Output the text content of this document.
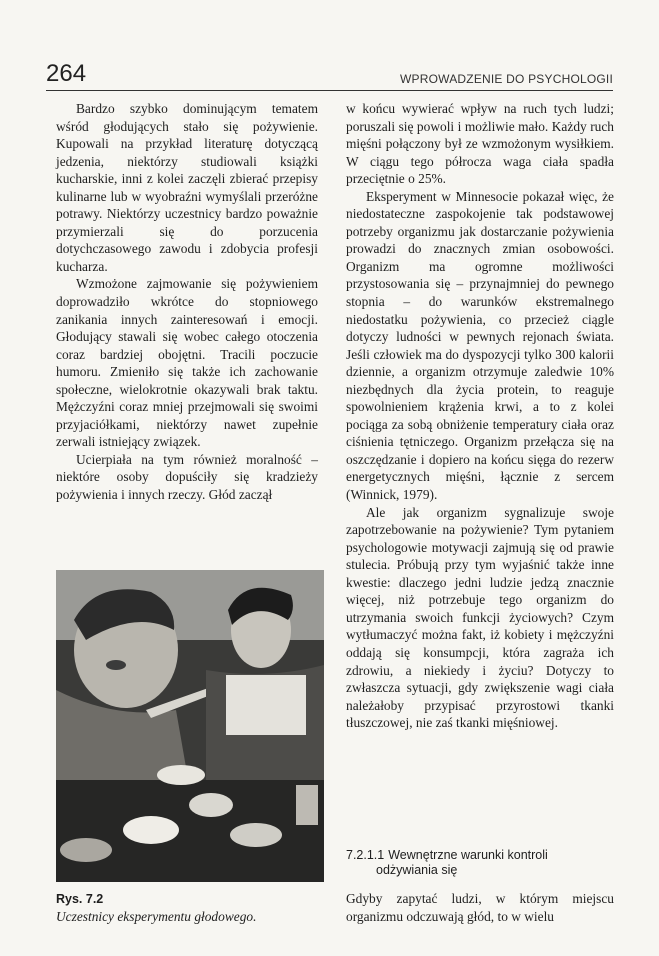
264	WPROWADZENIE DO PSYCHOLOGII

Bardzo szybko dominującym tematem wśród głodujących stało się pożywienie. Kupowali na przykład literaturę dotyczącą jedzenia, niektórzy studiowali książki kucharskie, inni z kolei zaczęli zbierać przepisy kulinarne lub w wyobraźni wymyślali przeróżne potrawy. Niektórzy uczestnicy bardzo poważnie przymierzali się do porzucenia dotychczasowego zawodu i zdobycia profesji kucharza.

Wzmożone zajmowanie się pożywieniem doprowadziło wkrótce do stopniowego zanikania innych zainteresowań i emocji. Głodujący stawali się wobec całego otoczenia coraz bardziej obojętni. Tracili poczucie humoru. Zmieniło się także ich zachowanie społeczne, wielokrotnie okazywali brak taktu. Mężczyźni coraz mniej przejmowali się swoimi przyjaciółkami, niektórzy nawet zupełnie zerwali istniejący związek.

Ucierpiała na tym również moralność – niektóre osoby dopuściły się kradzieży pożywienia i innych rzeczy. Głód zaczął

Rys. 7.2
Uczestnicy eksperymentu głodowego.

w końcu wywierać wpływ na ruch tych ludzi; poruszali się powoli i możliwie mało. Każdy ruch mięśni połączony był ze wzmożonym wysiłkiem. W ciągu tego półrocza waga ciała spadła przeciętnie o 25%.

Eksperyment w Minnesocie pokazał więc, że niedostateczne zaspokojenie tak podstawowej potrzeby organizmu jak dostarczanie pożywienia prowadzi do znacznych zmian osobowości. Organizm ma ogromne możliwości przystosowania się – przynajmniej do pewnego stopnia – do warunków ekstremalnego niedostatku pożywienia, co przecież ciągle dotyczy ludności w pewnych rejonach świata. Jeśli człowiek ma do dyspozycji tylko 300 kalorii dziennie, a organizm otrzymuje zaledwie 10% niezbędnych dla życia protein, to reaguje spowolnieniem krążenia krwi, a to z kolei pociąga za sobą obniżenie temperatury ciała oraz ciśnienia tętniczego. Organizm przełącza się na oszczędzanie i dopiero na końcu sięga do rezerw energetycznych mięśni, łącznie z sercem (Winnick, 1979).

Ale jak organizm sygnalizuje swoje zapotrzebowanie na pożywienie? Tym pytaniem psychologowie motywacji zajmują się od prawie stulecia. Próbują przy tym wyjaśnić także inne kwestie: dlaczego jedni ludzie jedzą znacznie więcej, niż potrzebuje tego organizm do utrzymania swoich funkcji życiowych? Czym wytłumaczyć można fakt, iż kobiety i mężczyźni oddają się konsumpcji, która zagraża ich zdrowiu, a niekiedy i życiu? Dotyczy to zwłaszcza sytuacji, gdy zwiększenie wagi ciała należałoby przypisać przyrostowi tkanki tłuszczowej, nie zaś tkanki mięśniowej.

7.2.1.1 Wewnętrzne warunki kontroli
odżywiania się

Gdyby zapytać ludzi, w którym miejscu organizmu odczuwają głód, to w wielu
